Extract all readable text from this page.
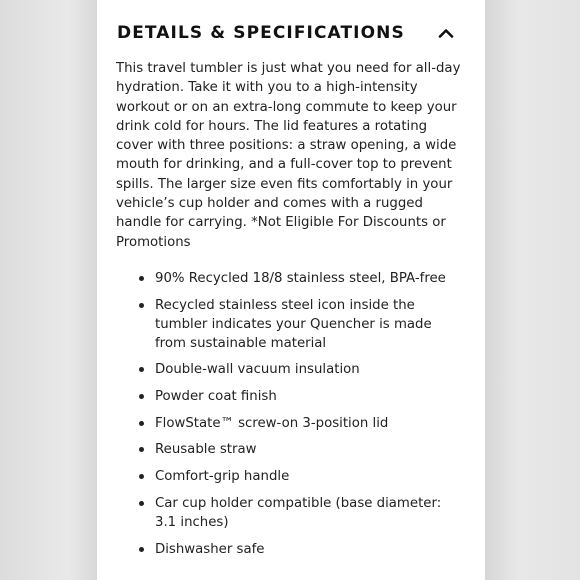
DETAILS & SPECIFICATIONS

This travel tumbler is just what you need for all-day hydration. Take it with you to a high-intensity workout or on an extra-long commute to keep your drink cold for hours. The lid features a rotating cover with three positions: a straw opening, a wide mouth for drinking, and a full-cover top to prevent spills. The larger size even fits comfortably in your vehicle’s cup holder and comes with a rugged handle for carrying. *Not Eligible For Discounts or Promotions

90% Recycled 18/8 stainless steel, BPA-free
Recycled stainless steel icon inside the tumbler indicates your Quencher is made from sustainable material
Double-wall vacuum insulation
Powder coat finish
FlowState™ screw-on 3-position lid
Reusable straw
Comfort-grip handle
Car cup holder compatible (base diameter: 3.1 inches)
Dishwasher safe
